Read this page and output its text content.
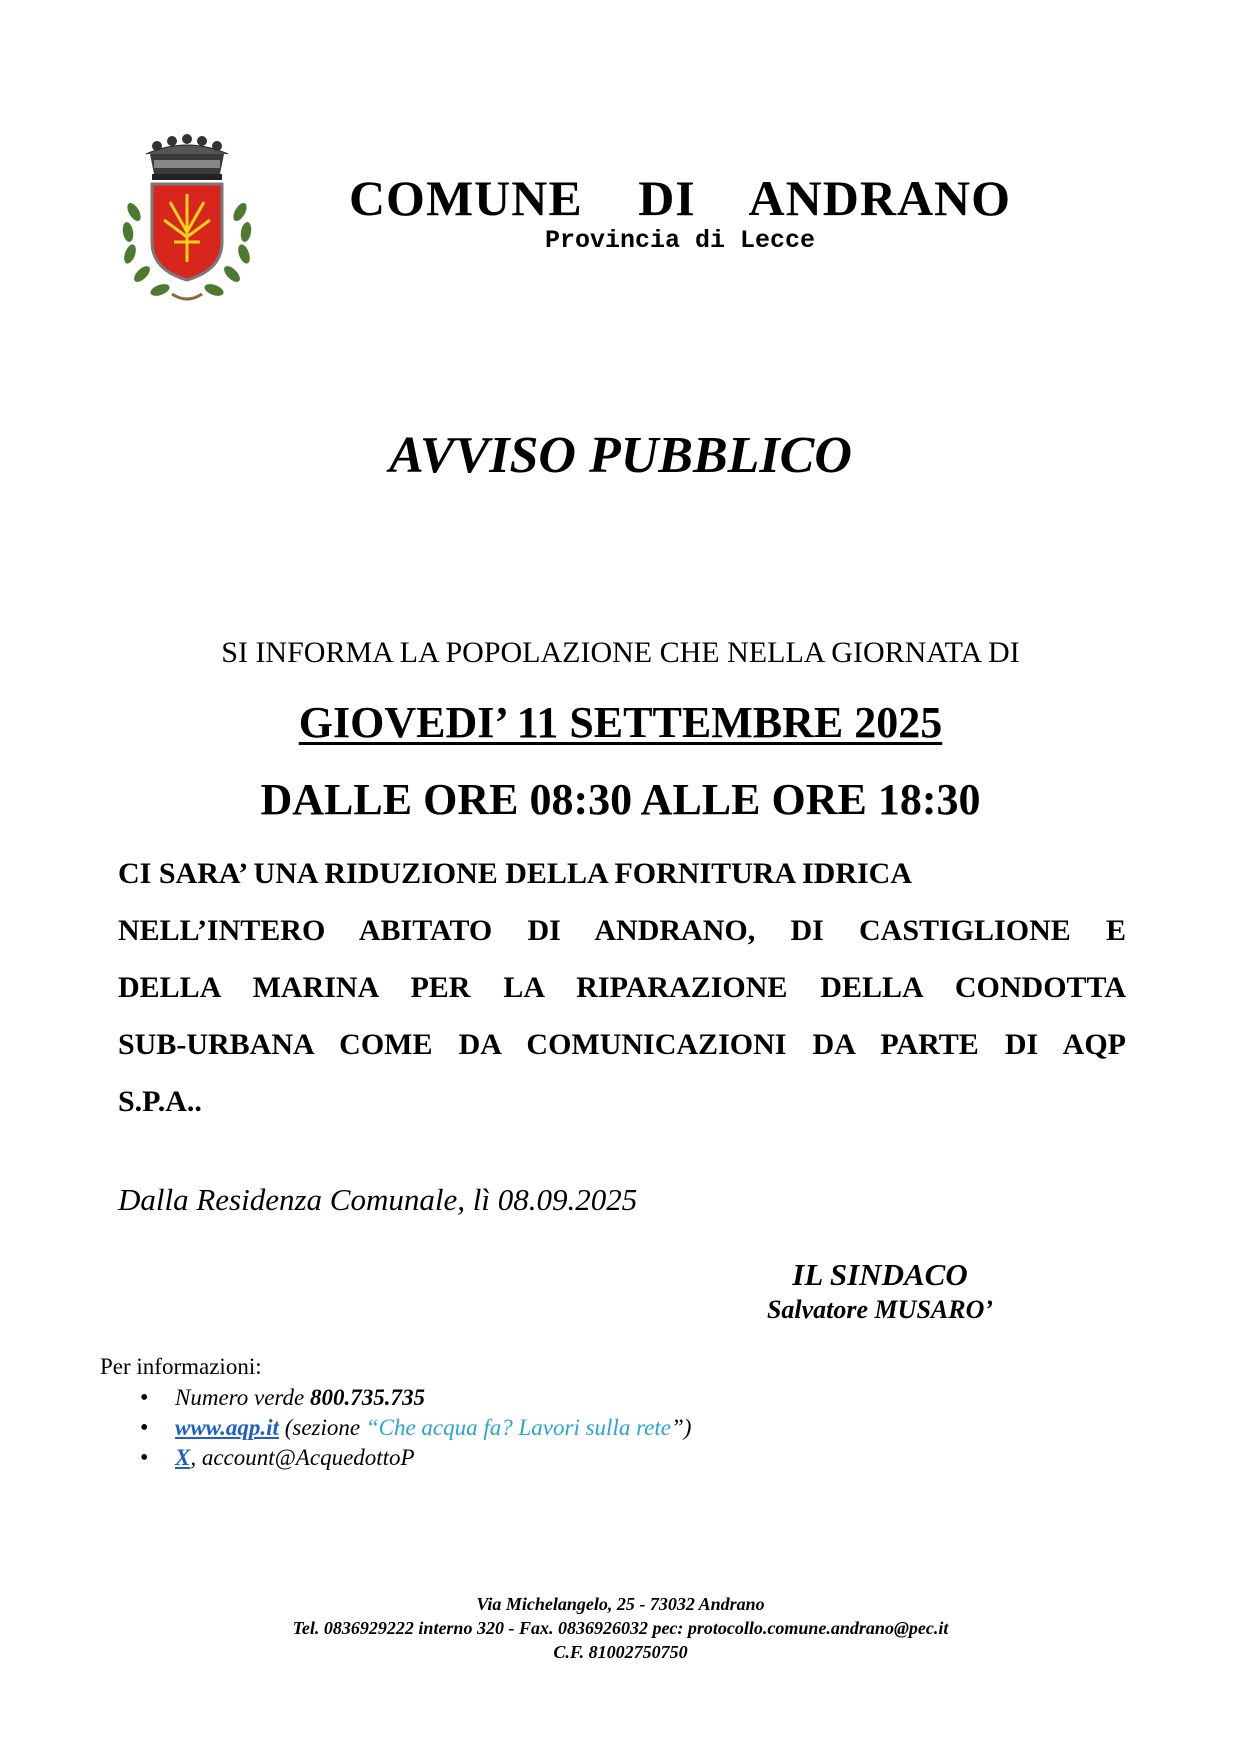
COMUNE DI ANDRANO
Provincia di Lecce
AVVISO PUBBLICO
SI INFORMA LA POPOLAZIONE CHE NELLA GIORNATA DI
GIOVEDI’ 11 SETTEMBRE 2025
DALLE ORE 08:30 ALLE ORE 18:30
CI SARA’ UNA RIDUZIONE DELLA FORNITURA IDRICA
NELL’INTERO ABITATO DI ANDRANO, DI CASTIGLIONE E
DELLA MARINA PER LA RIPARAZIONE DELLA CONDOTTA
SUB-URBANA COME DA COMUNICAZIONI DA PARTE DI AQP
S.P.A..
Dalla Residenza Comunale, lì 08.09.2025
IL SINDACO
Salvatore MUSARO’
Per informazioni:
• Numero verde 800.735.735
• www.aqp.it (sezione “Che acqua fa? Lavori sulla rete”)
• X, account@AcquedottoP
Via Michelangelo, 25 - 73032 Andrano
Tel. 0836929222 interno 320 - Fax. 0836926032 pec: protocollo.comune.andrano@pec.it
C.F. 81002750750
